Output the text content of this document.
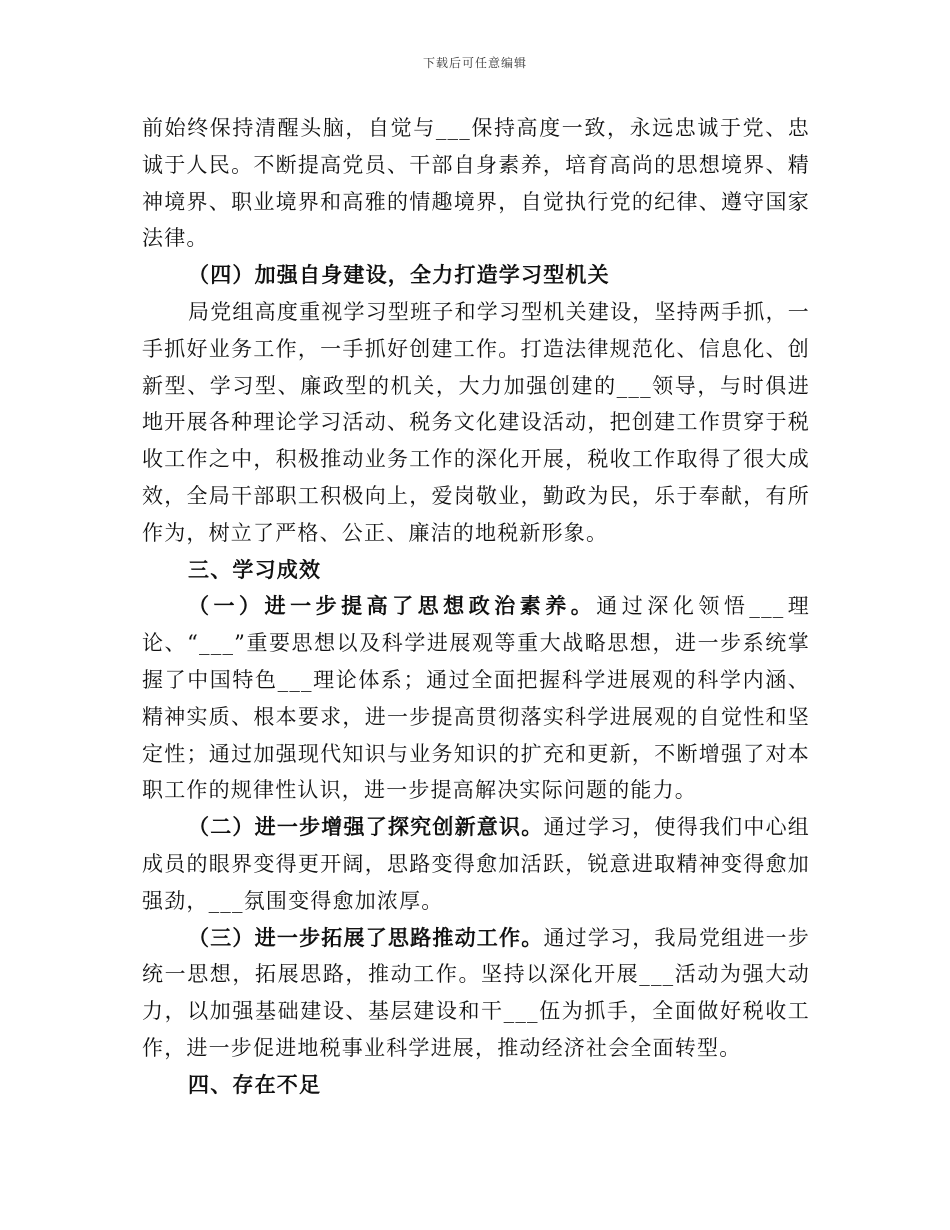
下载后可任意编辑

前始终保持清醒头脑，自觉与___保持高度一致，永远忠诚于党、忠诚于人民。不断提高党员、干部自身素养，培育高尚的思想境界、精神境界、职业境界和高雅的情趣境界，自觉执行党的纪律、遵守国家法律。

（四）加强自身建设，全力打造学习型机关

局党组高度重视学习型班子和学习型机关建设，坚持两手抓，一手抓好业务工作，一手抓好创建工作。打造法律规范化、信息化、创新型、学习型、廉政型的机关，大力加强创建的___领导，与时俱进地开展各种理论学习活动、税务文化建设活动，把创建工作贯穿于税收工作之中，积极推动业务工作的深化开展，税收工作取得了很大成效，全局干部职工积极向上，爱岗敬业，勤政为民，乐于奉献，有所作为，树立了严格、公正、廉洁的地税新形象。

三、学习成效

（一）进一步提高了思想政治素养。通过深化领悟___理论、“___”重要思想以及科学进展观等重大战略思想，进一步系统掌握了中国特色___理论体系；通过全面把握科学进展观的科学内涵、精神实质、根本要求，进一步提高贯彻落实科学进展观的自觉性和坚定性；通过加强现代知识与业务知识的扩充和更新，不断增强了对本职工作的规律性认识，进一步提高解决实际问题的能力。

（二）进一步增强了探究创新意识。通过学习，使得我们中心组成员的眼界变得更开阔，思路变得愈加活跃，锐意进取精神变得愈加强劲，___氛围变得愈加浓厚。

（三）进一步拓展了思路推动工作。通过学习，我局党组进一步统一思想，拓展思路，推动工作。坚持以深化开展___活动为强大动力，以加强基础建设、基层建设和干___伍为抓手，全面做好税收工作，进一步促进地税事业科学进展，推动经济社会全面转型。

四、存在不足
